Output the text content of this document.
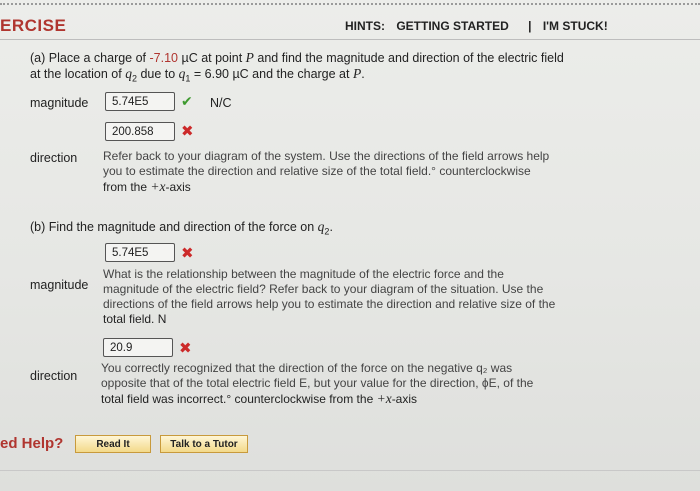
ERCISE	HINTS: GETTING STARTED | I'M STUCK!
(a) Place a charge of -7.10 µC at point P and find the magnitude and direction of the electric field
at the location of $q_2$ due to $q_1 = 6.90$ µC and the charge at P.
magnitude	5.74E5	✔ N/C
200.858	✖
direction Refer back to your diagram of the system. Use the directions of the field arrows help
you to estimate the direction and relative size of the total field.° counterclockwise
from the +x-axis
(b) Find the magnitude and direction of the force on $q_2$.
5.74E5	✖
magnitude
What is the relationship between the magnitude of the electric force and the
magnitude of the electric field? Refer back to your diagram of the situation. Use the
directions of the field arrows help you to estimate the direction and relative size of the
total field. N
20.9	✖
direction
You correctly recognized that the direction of the force on the negative q₂ was
opposite that of the total electric field E, but your value for the direction, ϕE, of the
total field was incorrect.° counterclockwise from the +x-axis
ed Help?	Read It	Talk to a Tutor
